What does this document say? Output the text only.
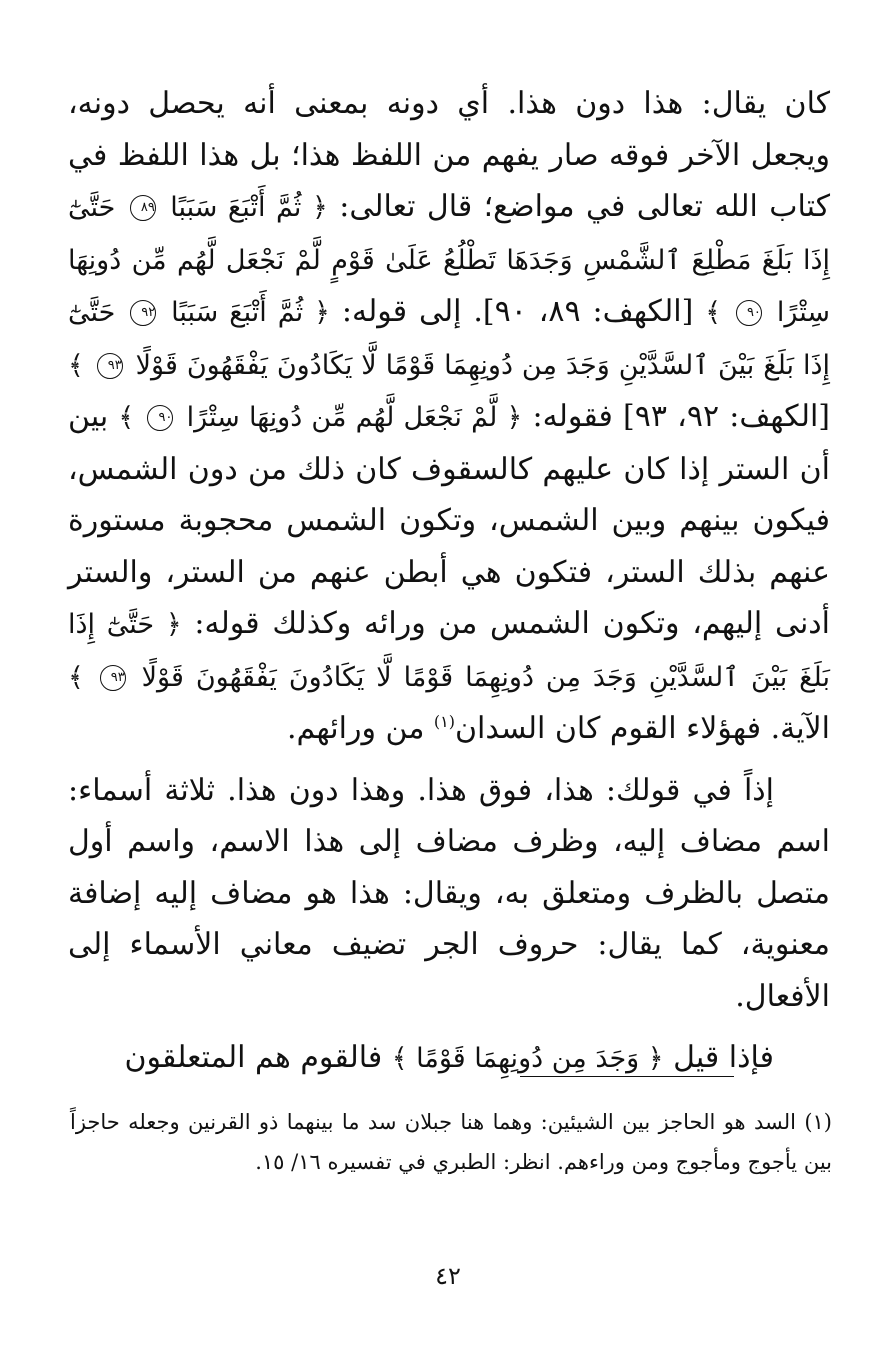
كان يقال: هذا دون هذا. أي دونه بمعنى أنه يحصل دونه، ويجعل الآخر فوقه صار يفهم من اللفظ هذا؛ بل هذا اللفظ في كتاب الله تعالى في مواضع؛ قال تعالى: ﴿ ثُمَّ أَتْبَعَ سَبَبًا ٨٩ حَتَّىٰٓ إِذَا بَلَغَ مَطْلِعَ ٱلشَّمْسِ وَجَدَهَا تَطْلُعُ عَلَىٰ قَوْمٍ لَّمْ نَجْعَل لَّهُم مِّن دُونِهَا سِتْرًا ٩٠ ﴾ [الكهف: ٨٩، ٩٠]. إلى قوله: ﴿ ثُمَّ أَتْبَعَ سَبَبًا ٩٢ حَتَّىٰٓ إِذَا بَلَغَ بَيْنَ ٱلسَّدَّيْنِ وَجَدَ مِن دُونِهِمَا قَوْمًا لَّا يَكَادُونَ يَفْقَهُونَ قَوْلًا ٩٣ ﴾ [الكهف: ٩٢، ٩٣] فقوله: ﴿ لَّمْ نَجْعَل لَّهُم مِّن دُونِهَا سِتْرًا ٩٠ ﴾ بين أن الستر إذا كان عليهم كالسقوف كان ذلك من دون الشمس، فيكون بينهم وبين الشمس، وتكون الشمس محجوبة مستورة عنهم بذلك الستر، فتكون هي أبطن عنهم من الستر، والستر أدنى إليهم، وتكون الشمس من ورائه وكذلك قوله: ﴿ حَتَّىٰٓ إِذَا بَلَغَ بَيْنَ ٱلسَّدَّيْنِ وَجَدَ مِن دُونِهِمَا قَوْمًا لَّا يَكَادُونَ يَفْقَهُونَ قَوْلًا ٩٣ ﴾ الآية. فهؤلاء القوم كان السدان$^{(١)}$ من ورائهم.

إذاً في قولك: هذا، فوق هذا. وهذا دون هذا. ثلاثة أسماء: اسم مضاف إليه، وظرف مضاف إلى هذا الاسم، واسم أول متصل بالظرف ومتعلق به، ويقال: هذا هو مضاف إليه إضافة معنوية، كما يقال: حروف الجر تضيف معاني الأسماء إلى الأفعال.

فإذا قيل ﴿ وَجَدَ مِن دُونِهِمَا قَوْمًا ﴾ فالقوم هم المتعلقون

(١) السد هو الحاجز بين الشيئين: وهما هنا جبلان سد ما بينهما ذو القرنين وجعله حاجزاً بين يأجوج ومأجوج ومن وراءهم. انظر: الطبري في تفسيره ١٦/ ١٥.
٤٢
